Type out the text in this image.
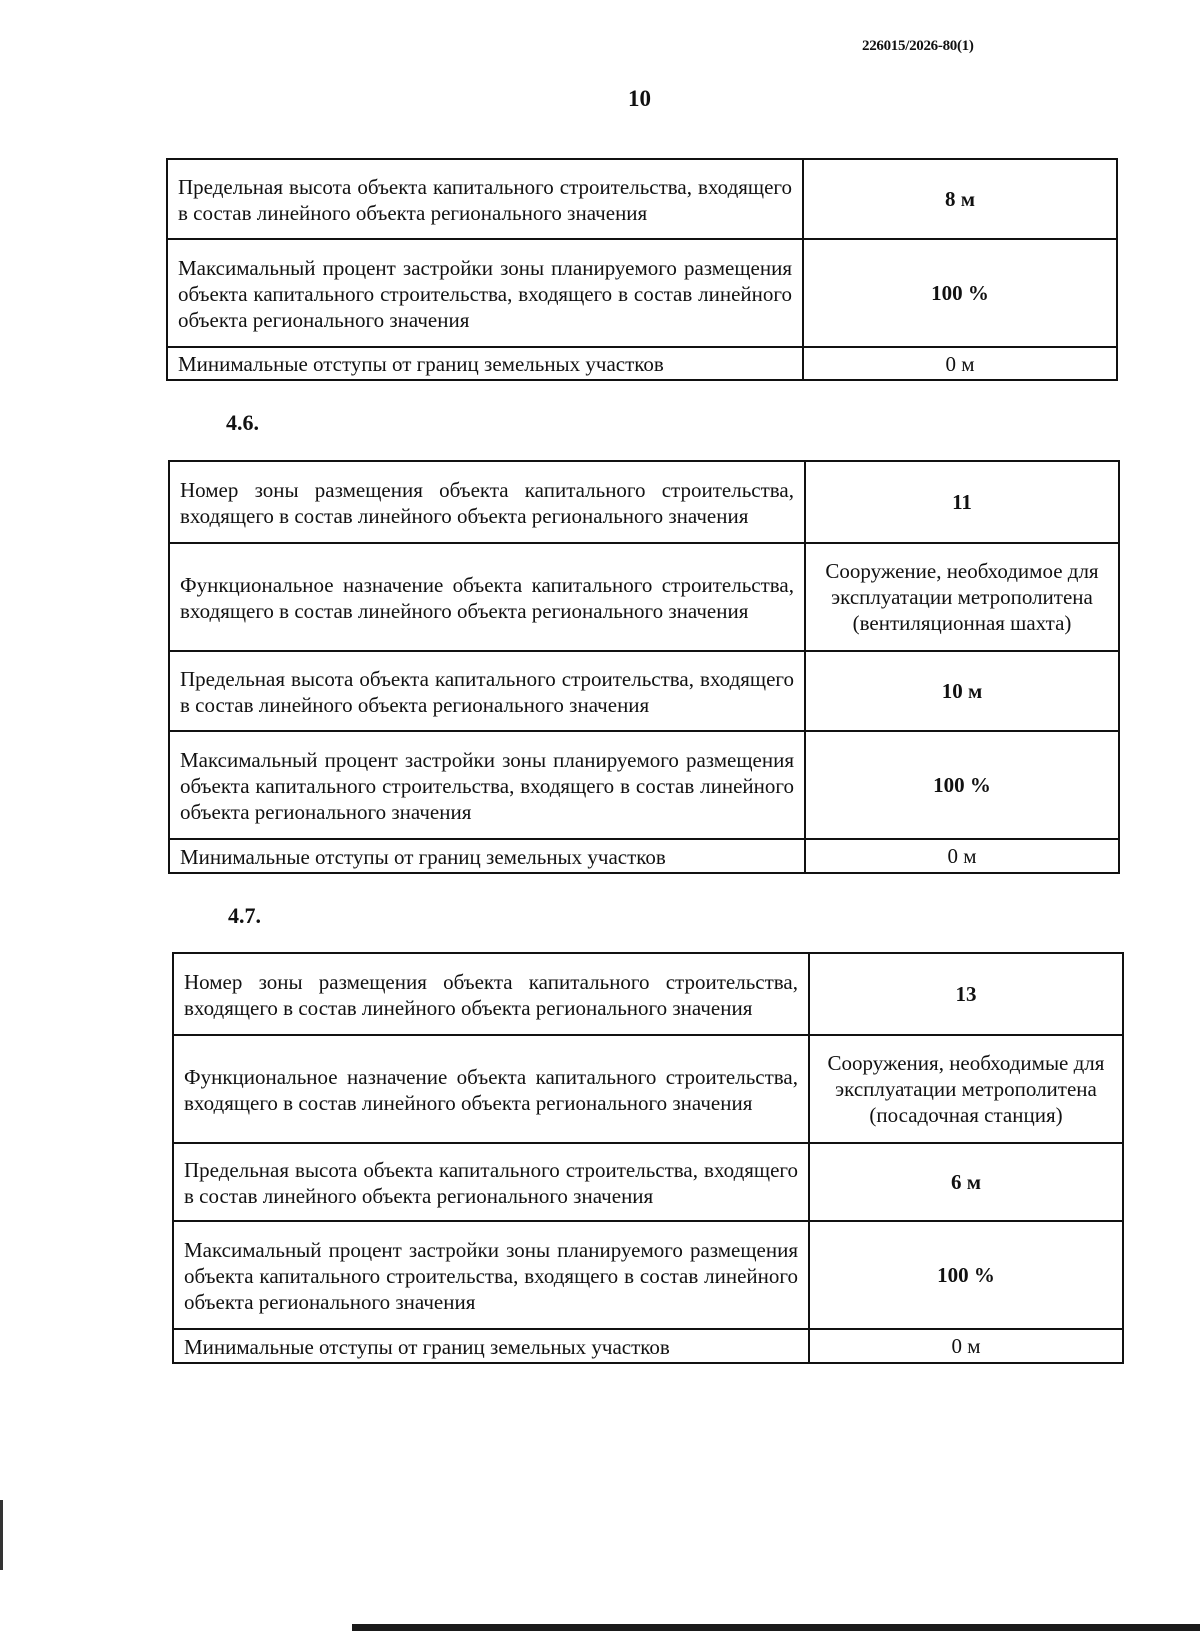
226015/2026-80(1)
10
Предельная высота объекта капитального строительства, входящего в состав линейного объекта регионального значения	8 м
Максимальный процент застройки зоны планируемого размещения объекта капитального строительства, входящего в состав линейного объекта регионального значения	100 %
Минимальные отступы от границ земельных участков	0 м
4.6.
Номер зоны размещения объекта капитального строительства, входящего в состав линейного объекта регионального значения	11
Функциональное назначение объекта капитального строительства, входящего в состав линейного объекта регионального значения	Сооружение, необходимое для эксплуатации метрополитена (вентиляционная шахта)
Предельная высота объекта капитального строительства, входящего в состав линейного объекта регионального значения	10 м
Максимальный процент застройки зоны планируемого размещения объекта капитального строительства, входящего в состав линейного объекта регионального значения	100 %
Минимальные отступы от границ земельных участков	0 м
4.7.
Номер зоны размещения объекта капитального строительства, входящего в состав линейного объекта регионального значения	13
Функциональное назначение объекта капитального строительства, входящего в состав линейного объекта регионального значения	Сооружения, необходимые для эксплуатации метрополитена (посадочная станция)
Предельная высота объекта капитального строительства, входящего в состав линейного объекта регионального значения	6 м
Максимальный процент застройки зоны планируемого размещения объекта капитального строительства, входящего в состав линейного объекта регионального значения	100 %
Минимальные отступы от границ земельных участков	0 м
